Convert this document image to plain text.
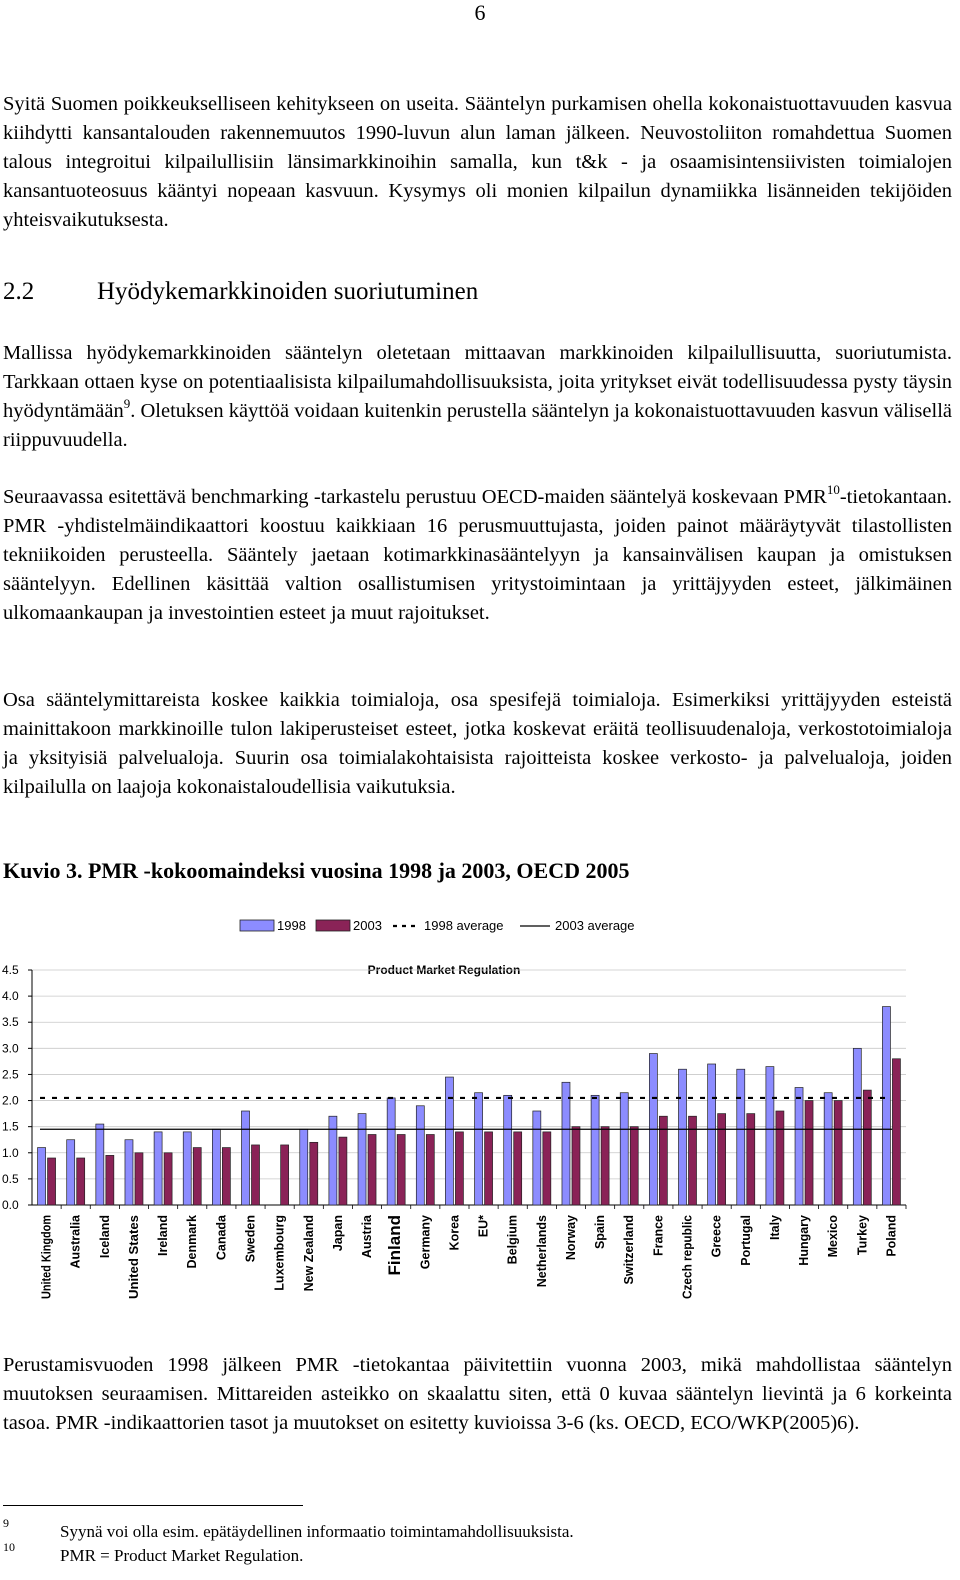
6

Syitä Suomen poikkeukselliseen kehitykseen on useita. Sääntelyn purkamisen ohella kokonaistuottavuuden kasvua kiihdytti kansantalouden rakennemuutos 1990-luvun alun laman jälkeen. Neuvostoliiton romahdettua Suomen talous integroitui kilpailullisiin länsimarkkinoihin samalla, kun t&k - ja osaamisintensiivisten toimialojen kansantuoteosuus kääntyi nopeaan kasvuun. Kysymys oli monien kilpailun dynamiikka lisänneiden tekijöiden yhteisvaikutuksesta.

2.2	Hyödykemarkkinoiden suoriutuminen

Mallissa hyödykemarkkinoiden sääntelyn oletetaan mittaavan markkinoiden kilpailullisuutta, suoriutumista. Tarkkaan ottaen kyse on potentiaalisista kilpailumahdollisuuksista, joita yritykset eivät todellisuudessa pysty täysin hyödyntämään$^9$. Oletuksen käyttöä voidaan kuitenkin perustella sääntelyn ja kokonaistuottavuuden kasvun välisellä riippuvuudella.

Seuraavassa esitettävä benchmarking -tarkastelu perustuu OECD-maiden sääntelyä koskevaan PMR$^{10}$-tietokantaan. PMR -yhdistelmäindikaattori koostuu kaikkiaan 16 perusmuuttujasta, joiden painot määräytyvät tilastollisten tekniikoiden perusteella. Sääntely jaetaan kotimarkkinasääntelyyn ja kansainvälisen kaupan ja omistuksen sääntelyyn. Edellinen käsittää valtion osallistumisen yritystoimintaan ja yrittäjyyden esteet, jälkimäinen ulkomaankaupan ja investointien esteet ja muut rajoitukset.

Osa sääntelymittareista koskee kaikkia toimialoja, osa spesifejä toimialoja. Esimerkiksi yrittäjyyden esteistä mainittakoon markkinoille tulon lakiperusteiset esteet, jotka koskevat eräitä teollisuudenaloja, verkostotoimialoja ja yksityisiä palvelualoja. Suurin osa toimialakohtaisista rajoitteista koskee verkosto- ja palvelualoja, joiden kilpailulla on laajoja kokonaistaloudellisia vaikutuksia.

Kuvio 3. PMR -kokoomaindeksi vuosina 1998 ja 2003, OECD 2005

1998	2003	1998 average	2003 average
Product Market Regulation
0.0
0.5
1.0
1.5
2.0
2.5
3.0
3.5
4.0
4.5
United Kingdom Australia Iceland United States Ireland Denmark Canada Sweden Luxembourg New Zealand Japan Austria Finland Germany Korea EU* Belgium Netherlands Norway Spain Switzerland France Czech republic Greece Portugal Italy Hungary Mexico Turkey Poland

Perustamisvuoden 1998 jälkeen PMR -tietokantaa päivitettiin vuonna 2003, mikä mahdollistaa sääntelyn muutoksen seuraamisen. Mittareiden asteikko on skaalattu siten, että 0 kuvaa sääntelyn lievintä ja 6 korkeinta tasoa. PMR -indikaattorien tasot ja muutokset on esitetty kuvioissa 3-6 (ks. OECD, ECO/WKP(2005)6).

9	Syynä voi olla esim. epätäydellinen informaatio toimintamahdollisuuksista.
10	PMR = Product Market Regulation.
